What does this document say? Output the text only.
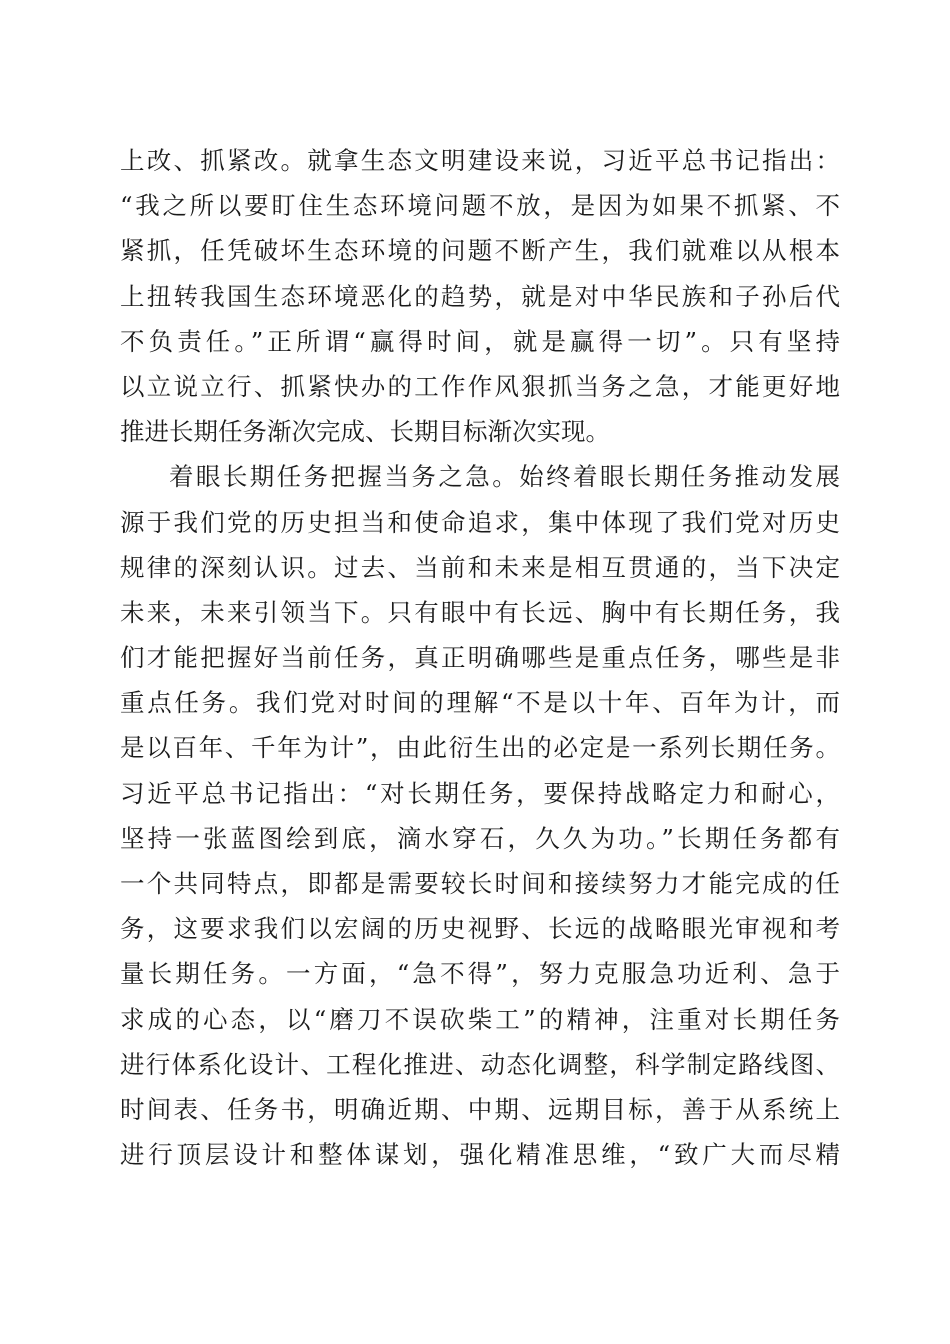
上改、抓紧改。就拿生态文明建设来说，习近平总书记指出：
“我之所以要盯住生态环境问题不放，是因为如果不抓紧、不
紧抓，任凭破坏生态环境的问题不断产生，我们就难以从根本
上扭转我国生态环境恶化的趋势，就是对中华民族和子孙后代
不负责任。”正所谓“赢得时间，就是赢得一切”。只有坚持
以立说立行、抓紧快办的工作作风狠抓当务之急，才能更好地
推进长期任务渐次完成、长期目标渐次实现。
着眼长期任务把握当务之急。始终着眼长期任务推动发展
源于我们党的历史担当和使命追求，集中体现了我们党对历史
规律的深刻认识。过去、当前和未来是相互贯通的，当下决定
未来，未来引领当下。只有眼中有长远、胸中有长期任务，我
们才能把握好当前任务，真正明确哪些是重点任务，哪些是非
重点任务。我们党对时间的理解“不是以十年、百年为计，而
是以百年、千年为计”，由此衍生出的必定是一系列长期任务。
习近平总书记指出：“对长期任务，要保持战略定力和耐心，
坚持一张蓝图绘到底，滴水穿石，久久为功。”长期任务都有
一个共同特点，即都是需要较长时间和接续努力才能完成的任
务，这要求我们以宏阔的历史视野、长远的战略眼光审视和考
量长期任务。一方面，“急不得”，努力克服急功近利、急于
求成的心态，以“磨刀不误砍柴工”的精神，注重对长期任务
进行体系化设计、工程化推进、动态化调整，科学制定路线图、
时间表、任务书，明确近期、中期、远期目标，善于从系统上
进行顶层设计和整体谋划，强化精准思维，“致广大而尽精
